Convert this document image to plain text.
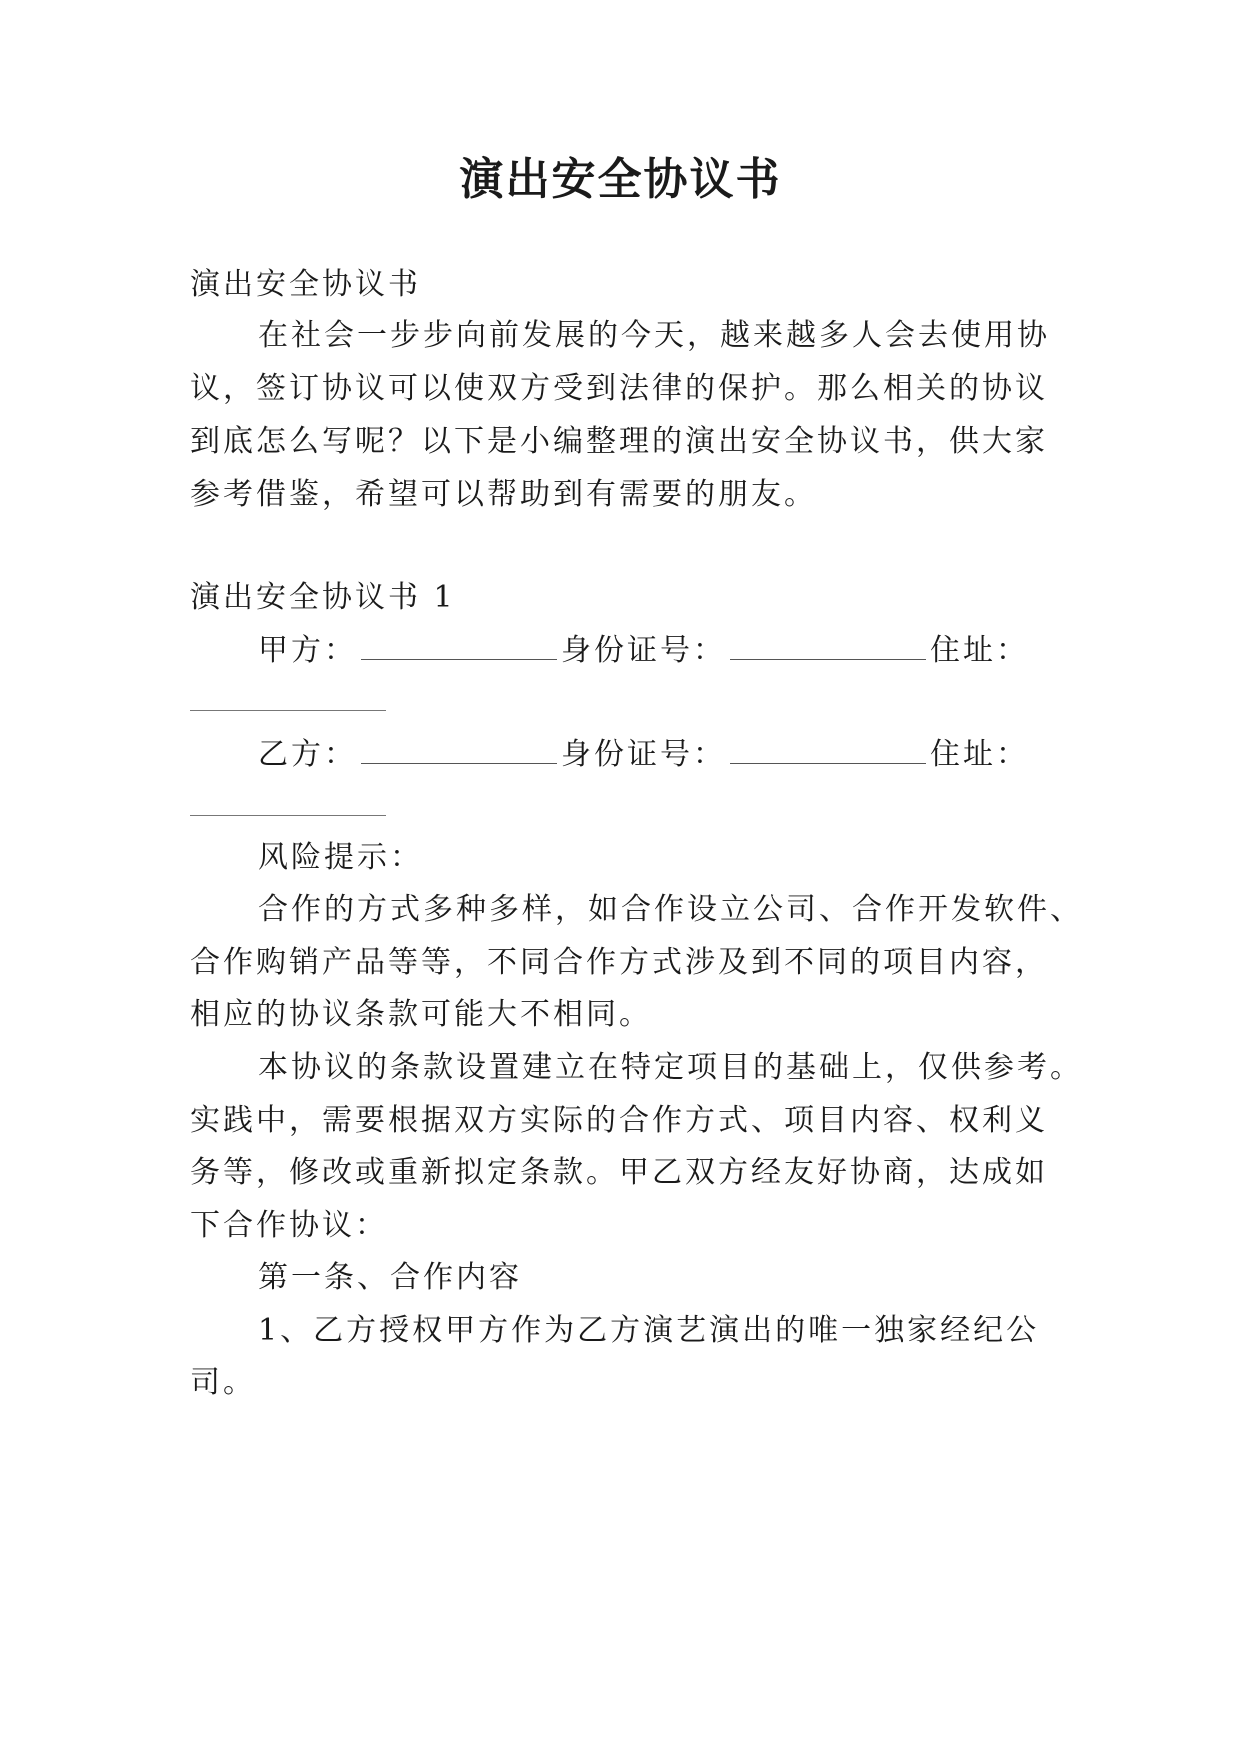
演出安全协议书
演出安全协议书
在社会一步步向前发展的今天，越来越多人会去使用协
议，签订协议可以使双方受到法律的保护。那么相关的协议
到底怎么写呢？以下是小编整理的演出安全协议书，供大家
参考借鉴，希望可以帮助到有需要的朋友。
演出安全协议书 1
甲方：	身份证号：	住址：
乙方：	身份证号：	住址：
风险提示：
合作的方式多种多样，如合作设立公司、合作开发软件、
合作购销产品等等，不同合作方式涉及到不同的项目内容，
相应的协议条款可能大不相同。
本协议的条款设置建立在特定项目的基础上，仅供参考。
实践中，需要根据双方实际的合作方式、项目内容、权利义
务等，修改或重新拟定条款。甲乙双方经友好协商，达成如
下合作协议：
第一条、合作内容
1、乙方授权甲方作为乙方演艺演出的唯一独家经纪公
司。
